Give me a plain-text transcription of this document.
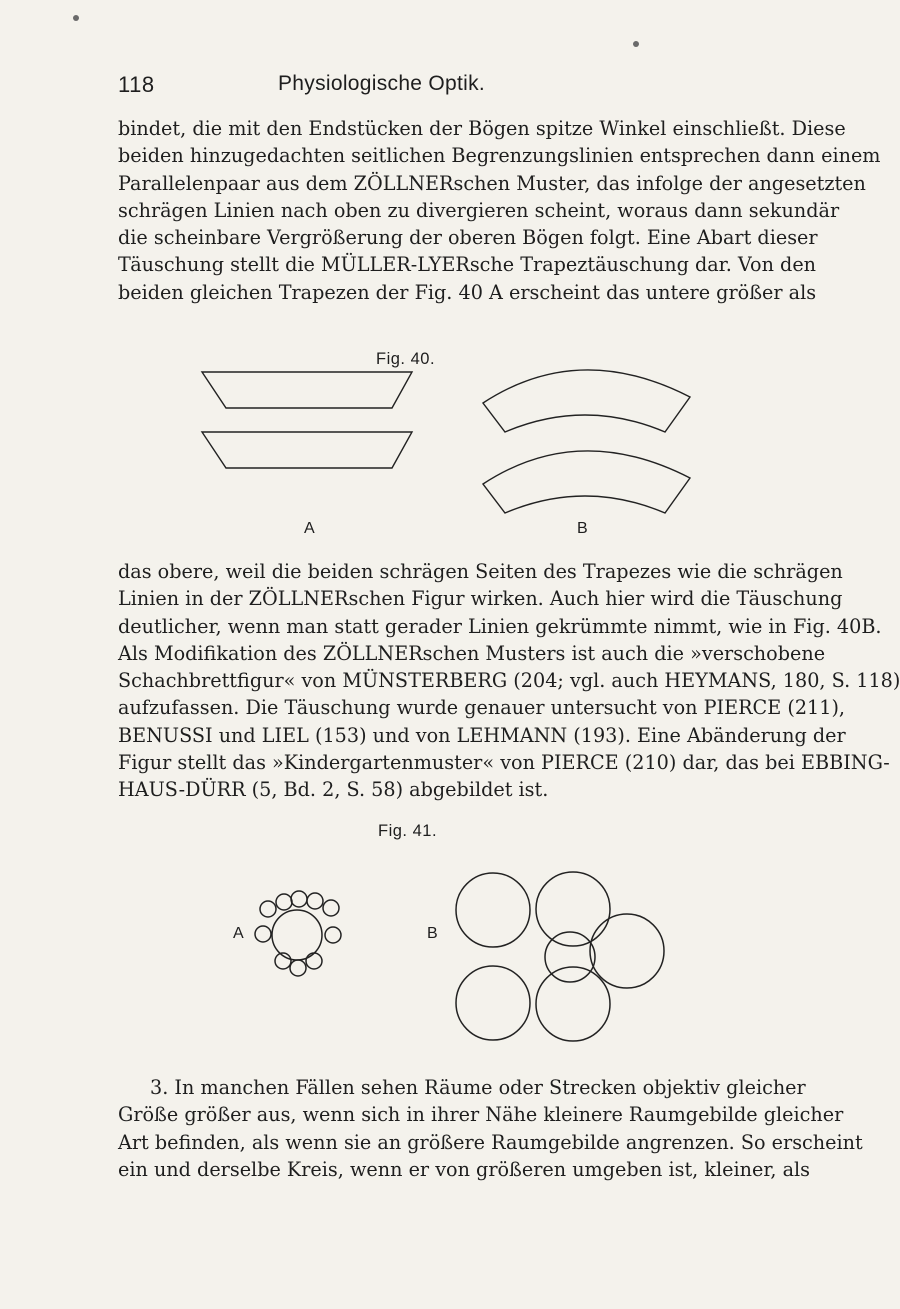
118	Physiologische Optik.
bindet, die mit den Endstücken der Bögen spitze Winkel einschließt. Diese
beiden hinzugedachten seitlichen Begrenzungslinien entsprechen dann einem
Parallelenpaar aus dem ZÖLLNERschen Muster, das infolge der angesetzten
schrägen Linien nach oben zu divergieren scheint, woraus dann sekundär
die scheinbare Vergrößerung der oberen Bögen folgt. Eine Abart dieser
Täuschung stellt die MÜLLER-LYERsche Trapeztäuschung dar. Von den
beiden gleichen Trapezen der Fig. 40 A erscheint das untere größer als
Fig. 40.
A	B
das obere, weil die beiden schrägen Seiten des Trapezes wie die schrägen
Linien in der ZÖLLNERschen Figur wirken. Auch hier wird die Täuschung
deutlicher, wenn man statt gerader Linien gekrümmte nimmt, wie in Fig. 40B.
Als Modifikation des ZÖLLNERschen Musters ist auch die »verschobene
Schachbrettfigur« von MÜNSTERBERG (204; vgl. auch HEYMANS, 180, S. 118)
aufzufassen. Die Täuschung wurde genauer untersucht von PIERCE (211),
BENUSSI und LIEL (153) und von LEHMANN (193). Eine Abänderung der
Figur stellt das »Kindergartenmuster« von PIERCE (210) dar, das bei EBBING-
HAUS-DÜRR (5, Bd. 2, S. 58) abgebildet ist.
Fig. 41.
A	B
3. In manchen Fällen sehen Räume oder Strecken objektiv gleicher
Größe größer aus, wenn sich in ihrer Nähe kleinere Raumgebilde gleicher
Art befinden, als wenn sie an größere Raumgebilde angrenzen. So erscheint
ein und derselbe Kreis, wenn er von größeren umgeben ist, kleiner, als
